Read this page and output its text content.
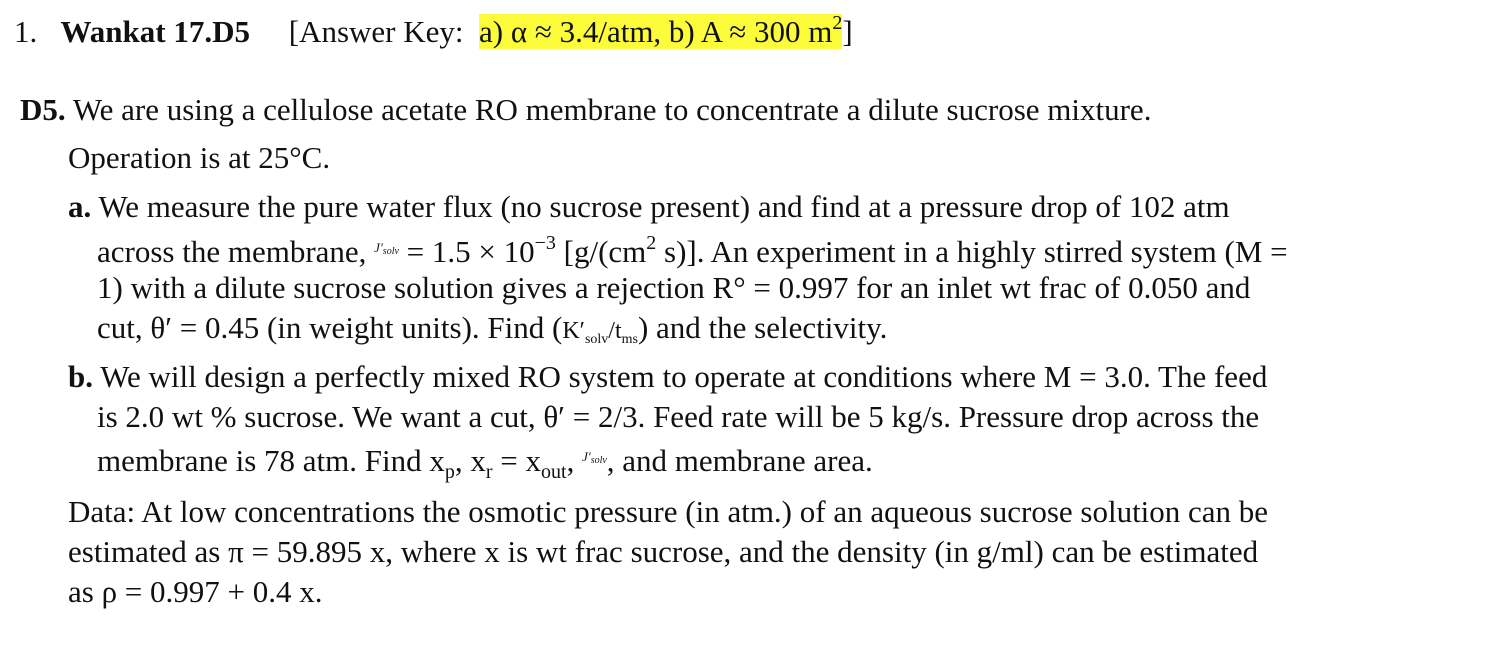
1. Wankat 17.D5 [Answer Key: a) α ≈ 3.4/atm, b) A ≈ 300 $m^2$]
D5. We are using a cellulose acetate RO membrane to concentrate a dilute sucrose mixture.
Operation is at 25°C.
a. We measure the pure water flux (no sucrose present) and find at a pressure drop of 102 atm
across the membrane, $^{J'_{solv}} = 1.5 \times 10^{-3}$ [$g/(cm^2$ s)]. An experiment in a highly stirred system (M =
1) with a dilute sucrose solution gives a rejection R° = 0.997 for an inlet wt frac of 0.050 and
cut, θ′ = 0.45 (in weight units). Find $(K'_{solv}/t_{ms})$ and the selectivity.
b. We will design a perfectly mixed RO system to operate at conditions where M = 3.0. The feed
is 2.0 wt % sucrose. We want a cut, θ′ = 2/3. Feed rate will be 5 kg/s. Pressure drop across the
membrane is 78 atm. Find $x_p$, $x_r = x_{out}$, $^{J'_{solv}}$, and membrane area.
Data: At low concentrations the osmotic pressure (in atm.) of an aqueous sucrose solution can be
estimated as π = 59.895 x, where x is wt frac sucrose, and the density (in g/ml) can be estimated
as ρ = 0.997 + 0.4 x.
